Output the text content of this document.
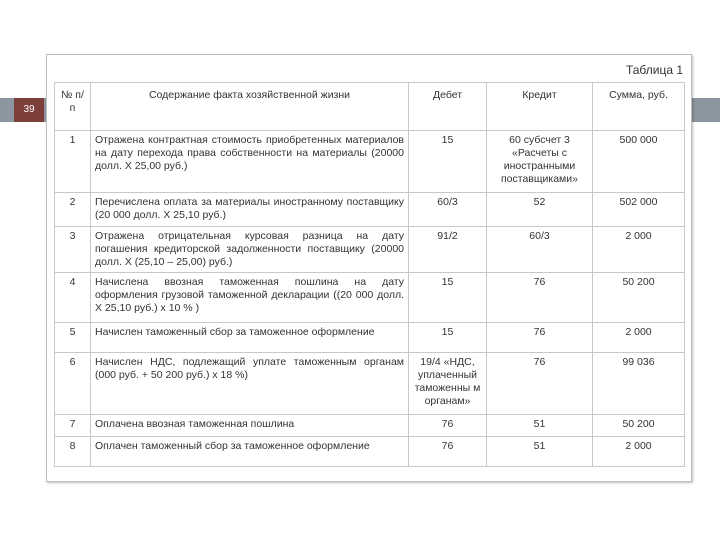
39
Таблица 1
№ п/п	Содержание факта хозяйственной жизни	Дебет	Кредит	Сумма, руб.
1	Отражена контрактная стоимость приобретенных материалов на дату перехода права собственности на материалы (20000 долл. Х 25,00 руб.)	15	60 субсчет 3 «Расчеты с иностранными поставщиками»	500 000
2	Перечислена оплата за материалы иностранному поставщику (20 000 долл. Х 25,10 руб.)	60/3	52	502 000
3	Отражена отрицательная курсовая разница на дату погашения кредиторской задолженности поставщику (20000 долл. Х (25,10 – 25,00) руб.)	91/2	60/3	2 000
4	Начислена ввозная таможенная пошлина на дату оформления грузовой таможенной декларации ((20 000 долл. Х 25,10 руб.) х 10 % )	15	76	50 200
5	Начислен таможенный сбор за таможенное оформление	15	76	2 000
6	Начислен НДС, подлежащий уплате таможенным органам (000 руб. + 50 200 руб.) х 18 %)	19/4 «НДС, уплаченный таможенны м органам»	76	99 036
7	Оплачена ввозная таможенная пошлина	76	51	50 200
8	Оплачен таможенный сбор за таможенное оформление	76	51	2 000
